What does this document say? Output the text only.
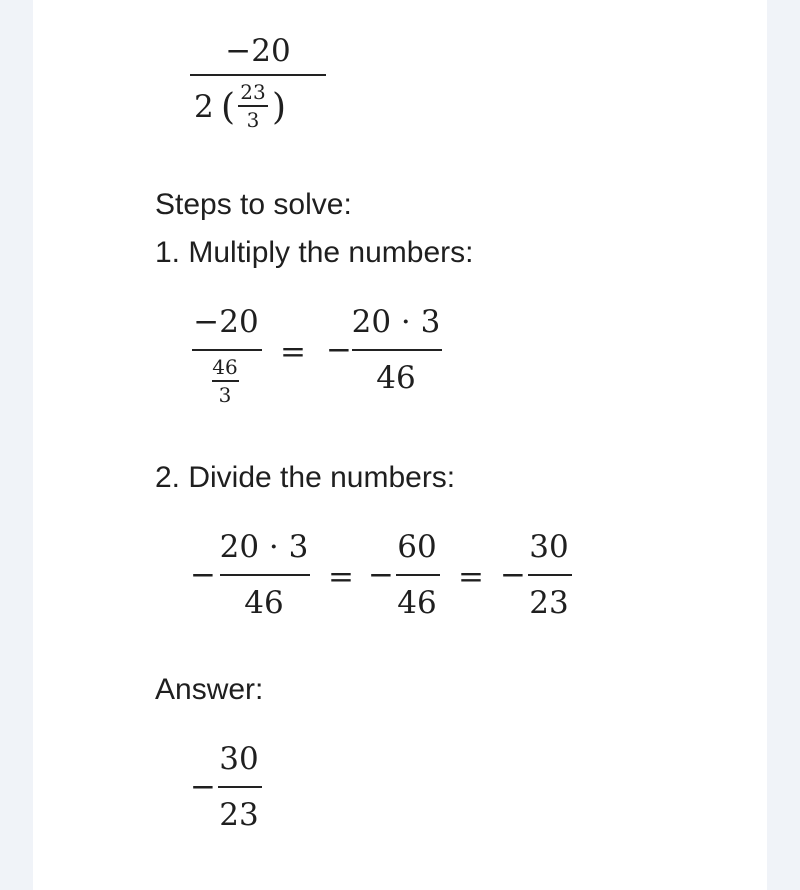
−20
2 ( 23
3 )
Steps to solve:
1. Multiply the numbers:
−20
46
3
= −
20 · 3
46
2. Divide the numbers:
−
20 · 3
46
= −
60
46
= −
30
23
Answer:
−
30
23
